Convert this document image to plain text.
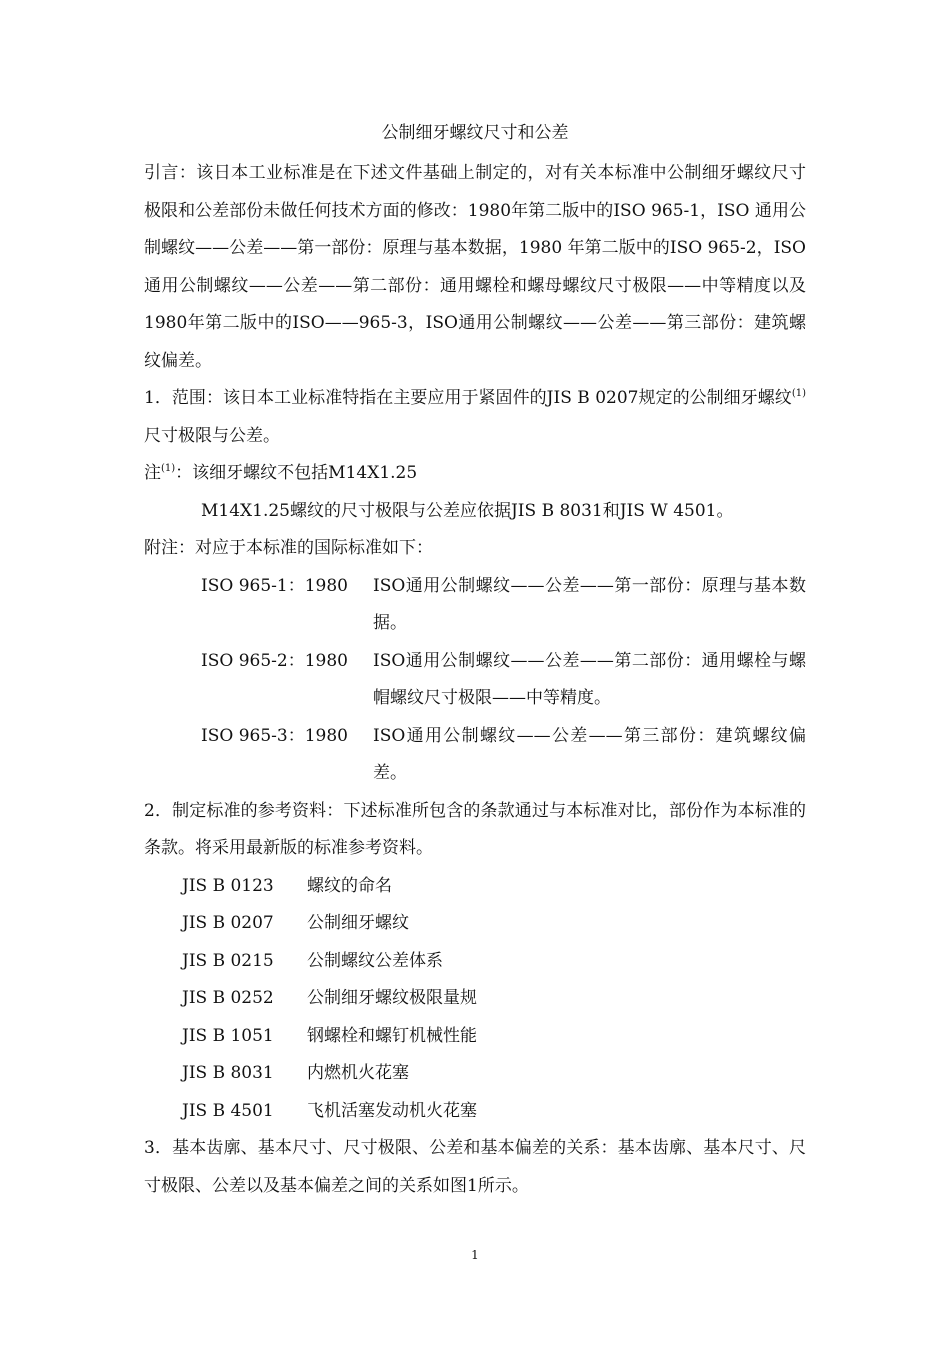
公制细牙螺纹尺寸和公差

引言：该日本工业标准是在下述文件基础上制定的，对有关本标准中公制细牙螺纹尺寸极限和公差部份未做任何技术方面的修改：1980年第二版中的ISO 965-1，ISO 通用公制螺纹——公差——第一部份：原理与基本数据，1980 年第二版中的ISO 965-2，ISO通用公制螺纹——公差——第二部份：通用螺栓和螺母螺纹尺寸极限——中等精度以及1980年第二版中的ISO——965-3，ISO通用公制螺纹——公差——第三部份：建筑螺纹偏差。

1．范围：该日本工业标准特指在主要应用于紧固件的JIS B 0207规定的公制细牙螺纹$^{(1)}$尺寸极限与公差。

注$^{(1)}$：该细牙螺纹不包括M14X1.25

M14X1.25螺纹的尺寸极限与公差应依据JIS B 8031和JIS W 4501。

附注：对应于本标准的国际标准如下：

ISO 965-1：1980	ISO通用公制螺纹——公差——第一部份：原理与基本数据。
ISO 965-2：1980	ISO通用公制螺纹——公差——第二部份：通用螺栓与螺帽螺纹尺寸极限——中等精度。
ISO 965-3：1980	ISO通用公制螺纹——公差——第三部份：建筑螺纹偏差。

2．制定标准的参考资料：下述标准所包含的条款通过与本标准对比，部份作为本标准的条款。将采用最新版的标准参考资料。

JIS B 0123	螺纹的命名
JIS B 0207	公制细牙螺纹
JIS B 0215	公制螺纹公差体系
JIS B 0252	公制细牙螺纹极限量规
JIS B 1051	钢螺栓和螺钉机械性能
JIS B 8031	内燃机火花塞
JIS B 4501	飞机活塞发动机火花塞

3．基本齿廓、基本尺寸、尺寸极限、公差和基本偏差的关系：基本齿廓、基本尺寸、尺寸极限、公差以及基本偏差之间的关系如图1所示。

1
